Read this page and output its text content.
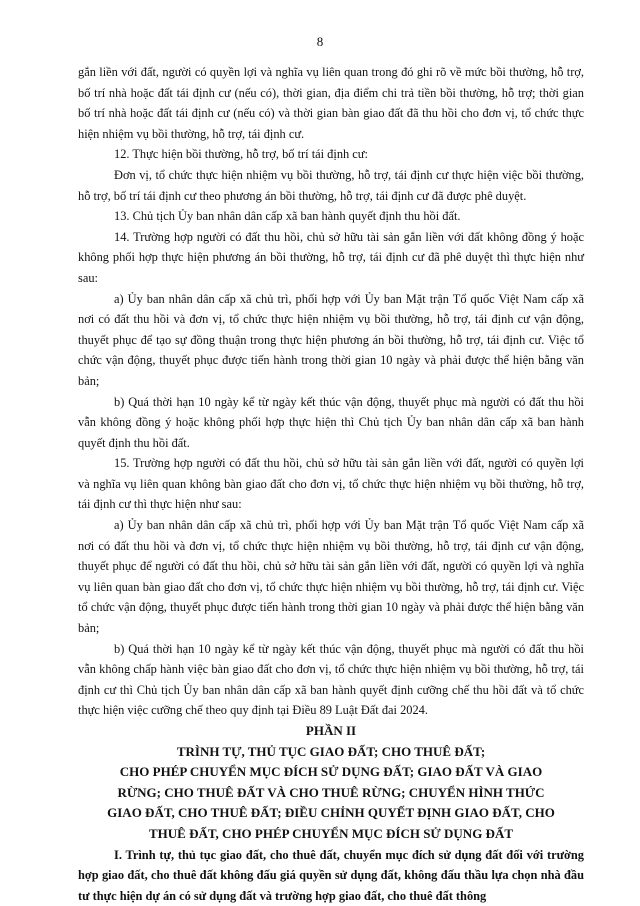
8

gắn liền với đất, người có quyền lợi và nghĩa vụ liên quan trong đó ghi rõ về mức bồi thường, hỗ trợ, bố trí nhà hoặc đất tái định cư (nếu có), thời gian, địa điểm chi trả tiền bồi thường, hỗ trợ; thời gian bố trí nhà hoặc đất tái định cư (nếu có) và thời gian bàn giao đất đã thu hồi cho đơn vị, tổ chức thực hiện nhiệm vụ bồi thường, hỗ trợ, tái định cư.

12. Thực hiện bồi thường, hỗ trợ, bố trí tái định cư:

Đơn vị, tổ chức thực hiện nhiệm vụ bồi thường, hỗ trợ, tái định cư thực hiện việc bồi thường, hỗ trợ, bố trí tái định cư theo phương án bồi thường, hỗ trợ, tái định cư đã được phê duyệt.

13. Chủ tịch Ủy ban nhân dân cấp xã ban hành quyết định thu hồi đất.

14. Trường hợp người có đất thu hồi, chủ sở hữu tài sản gắn liền với đất không đồng ý hoặc không phối hợp thực hiện phương án bồi thường, hỗ trợ, tái định cư đã phê duyệt thì thực hiện như sau:

a) Ủy ban nhân dân cấp xã chủ trì, phối hợp với Ủy ban Mặt trận Tổ quốc Việt Nam cấp xã nơi có đất thu hồi và đơn vị, tổ chức thực hiện nhiệm vụ bồi thường, hỗ trợ, tái định cư vận động, thuyết phục để tạo sự đồng thuận trong thực hiện phương án bồi thường, hỗ trợ, tái định cư. Việc tổ chức vận động, thuyết phục được tiến hành trong thời gian 10 ngày và phải được thể hiện bằng văn bản;

b) Quá thời hạn 10 ngày kể từ ngày kết thúc vận động, thuyết phục mà người có đất thu hồi vẫn không đồng ý hoặc không phối hợp thực hiện thì Chủ tịch Ủy ban nhân dân cấp xã ban hành quyết định thu hồi đất.

15. Trường hợp người có đất thu hồi, chủ sở hữu tài sản gắn liền với đất, người có quyền lợi và nghĩa vụ liên quan không bàn giao đất cho đơn vị, tổ chức thực hiện nhiệm vụ bồi thường, hỗ trợ, tái định cư thì thực hiện như sau:

a) Ủy ban nhân dân cấp xã chủ trì, phối hợp với Ủy ban Mặt trận Tổ quốc Việt Nam cấp xã nơi có đất thu hồi và đơn vị, tổ chức thực hiện nhiệm vụ bồi thường, hỗ trợ, tái định cư vận động, thuyết phục để người có đất thu hồi, chủ sở hữu tài sản gắn liền với đất, người có quyền lợi và nghĩa vụ liên quan bàn giao đất cho đơn vị, tổ chức thực hiện nhiệm vụ bồi thường, hỗ trợ, tái định cư. Việc tổ chức vận động, thuyết phục được tiến hành trong thời gian 10 ngày và phải được thể hiện bằng văn bản;

b) Quá thời hạn 10 ngày kể từ ngày kết thúc vận động, thuyết phục mà người có đất thu hồi vẫn không chấp hành việc bàn giao đất cho đơn vị, tổ chức thực hiện nhiệm vụ bồi thường, hỗ trợ, tái định cư thì Chủ tịch Ủy ban nhân dân cấp xã ban hành quyết định cưỡng chế thu hồi đất và tổ chức thực hiện việc cưỡng chế theo quy định tại Điều 89 Luật Đất đai 2024.

PHẦN II

TRÌNH TỰ, THỦ TỤC GIAO ĐẤT; CHO THUÊ ĐẤT;

CHO PHÉP CHUYỂN MỤC ĐÍCH SỬ DỤNG ĐẤT; GIAO ĐẤT VÀ GIAO

RỪNG; CHO THUÊ ĐẤT VÀ CHO THUÊ RỪNG; CHUYỂN HÌNH THỨC

GIAO ĐẤT, CHO THUÊ ĐẤT; ĐIỀU CHỈNH QUYẾT ĐỊNH GIAO ĐẤT, CHO

THUÊ ĐẤT, CHO PHÉP CHUYỂN MỤC ĐÍCH SỬ DỤNG ĐẤT

I. Trình tự, thủ tục giao đất, cho thuê đất, chuyển mục đích sử dụng đất đối với trường hợp giao đất, cho thuê đất không đấu giá quyền sử dụng đất, không đấu thầu lựa chọn nhà đầu tư thực hiện dự án có sử dụng đất và trường hợp giao đất, cho thuê đất thông
